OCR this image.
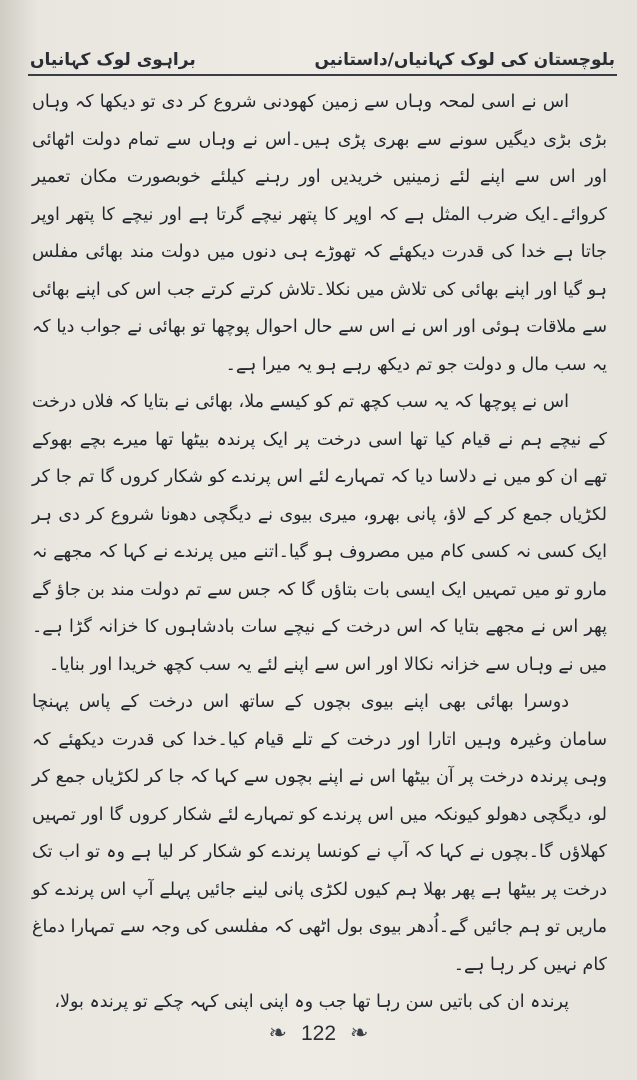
بلوچستان کی لوک کہانیاں/داستانیں
براہوی لوک کہانیاں

اس نے اسی لمحہ وہاں سے زمین کھودنی شروع کر دی تو دیکھا کہ وہاں بڑی بڑی دیگیں سونے سے بھری پڑی ہیں۔اس نے وہاں سے تمام دولت اٹھائی اور اس سے اپنے لئے زمینیں خریدیں اور رہنے کیلئے خوبصورت مکان تعمیر کروائے۔ایک ضرب المثل ہے کہ اوپر کا پتھر نیچے گرتا ہے اور نیچے کا پتھر اوپر جاتا ہے خدا کی قدرت دیکھئے کہ تھوڑے ہی دنوں میں دولت مند بھائی مفلس ہو گیا اور اپنے بھائی کی تلاش میں نکلا۔تلاش کرتے کرتے جب اس کی اپنے بھائی سے ملاقات ہوئی اور اس نے اس سے حال احوال پوچھا تو بھائی نے جواب دیا کہ یہ سب مال و دولت جو تم دیکھ رہے ہو یہ میرا ہے۔

اس نے پوچھا کہ یہ سب کچھ تم کو کیسے ملا، بھائی نے بتایا کہ فلاں درخت کے نیچے ہم نے قیام کیا تھا اسی درخت پر ایک پرندہ بیٹھا تھا میرے بچے بھوکے تھے ان کو میں نے دلاسا دیا کہ تمہارے لئے اس پرندے کو شکار کروں گا تم جا کر لکڑیاں جمع کر کے لاؤ، پانی بھرو، میری بیوی نے دیگچی دھونا شروع کر دی ہر ایک کسی نہ کسی کام میں مصروف ہو گیا۔اتنے میں پرندے نے کہا کہ مجھے نہ مارو تو میں تمہیں ایک ایسی بات بتاؤں گا کہ جس سے تم دولت مند بن جاؤ گے پھر اس نے مجھے بتایا کہ اس درخت کے نیچے سات بادشاہوں کا خزانہ گڑا ہے۔میں نے وہاں سے خزانہ نکالا اور اس سے اپنے لئے یہ سب کچھ خریدا اور بنایا۔

دوسرا بھائی بھی اپنے بیوی بچوں کے ساتھ اس درخت کے پاس پہنچا سامان وغیرہ وہیں اتارا اور درخت کے تلے قیام کیا۔خدا کی قدرت دیکھئے کہ وہی پرندہ درخت پر آن بیٹھا اس نے اپنے بچوں سے کہا کہ جا کر لکڑیاں جمع کر لو، دیگچی دھولو کیونکہ میں اس پرندے کو تمہارے لئے شکار کروں گا اور تمہیں کھلاؤں گا۔بچوں نے کہا کہ آپ نے کونسا پرندے کو شکار کر لیا ہے وہ تو اب تک درخت پر بیٹھا ہے پھر بھلا ہم کیوں لکڑی پانی لینے جائیں پہلے آپ اس پرندے کو ماریں تو ہم جائیں گے۔اُدھر بیوی بول اٹھی کہ مفلسی کی وجہ سے تمہارا دماغ کام نہیں کر رہا ہے۔

پرندہ ان کی باتیں سن رہا تھا جب وہ اپنی اپنی کہہ چکے تو پرندہ بولا،

❧ 122 ❧
